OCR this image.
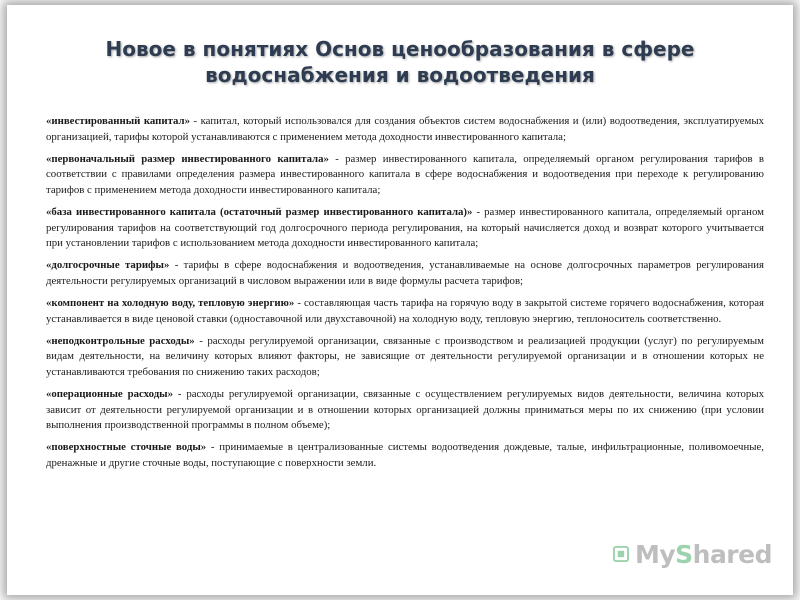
Новое в понятиях Основ ценообразования в сфере
водоснабжения и водоотведения

«инвестированный капитал» - капитал, который использовался для создания объектов систем водоснабжения и (или) водоотведения, эксплуатируемых организацией, тарифы которой устанавливаются с применением метода доходности инвестированного капитала;

«первоначальный размер инвестированного капитала» - размер инвестированного капитала, определяемый органом регулирования тарифов в соответствии с правилами определения размера инвестированного капитала в сфере водоснабжения и водоотведения при переходе к регулированию тарифов с применением метода доходности инвестированного капитала;

«база инвестированного капитала (остаточный размер инвестированного капитала)» - размер инвестированного капитала, определяемый органом регулирования тарифов на соответствующий год долгосрочного периода регулирования, на который начисляется доход и возврат которого учитывается при установлении тарифов с использованием метода доходности инвестированного капитала;

«долгосрочные тарифы» - тарифы в сфере водоснабжения и водоотведения, устанавливаемые на основе долгосрочных параметров регулирования деятельности регулируемых организаций в числовом выражении или в виде формулы расчета тарифов;

«компонент на холодную воду, тепловую энергию» - составляющая часть тарифа на горячую воду в закрытой системе горячего водоснабжения, которая устанавливается в виде ценовой ставки (одноставочной или двухставочной) на холодную воду, тепловую энергию, теплоноситель соответственно.

«неподконтрольные расходы» - расходы регулируемой организации, связанные с производством и реализацией продукции (услуг) по регулируемым видам деятельности, на величину которых влияют факторы, не зависящие от деятельности регулируемой организации и в отношении которых не устанавливаются требования по снижению таких расходов;

«операционные расходы» - расходы регулируемой организации, связанные с осуществлением регулируемых видов деятельности, величина которых зависит от деятельности регулируемой организации и в отношении которых организацией должны приниматься меры по их снижению (при условии выполнения производственной программы в полном объеме);

«поверхностные сточные воды» - принимаемые в централизованные системы водоотведения дождевые, талые, инфильтрационные, поливомоечные, дренажные и другие сточные воды, поступающие с поверхности земли.

MyShared
